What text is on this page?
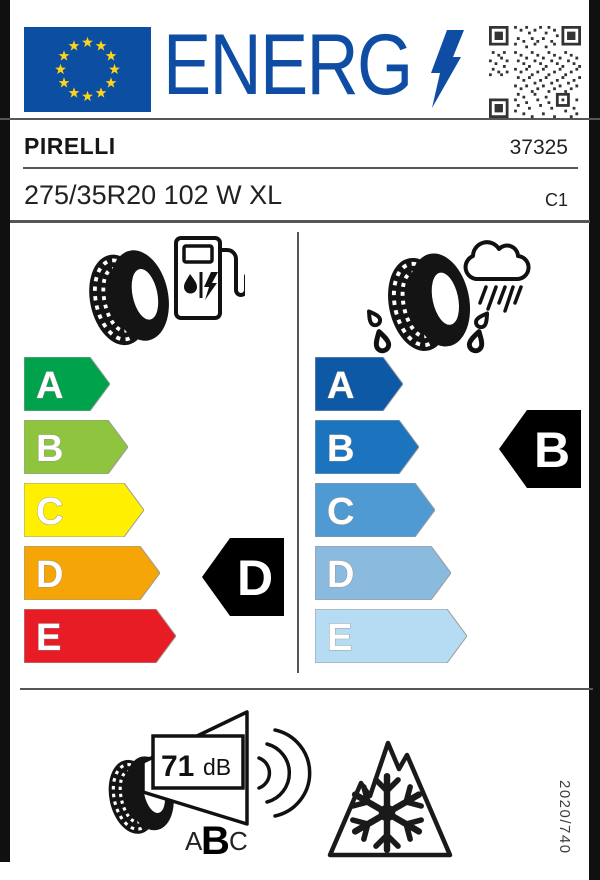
ENERG
PIRELLI	37325
275/35R20 102 W XL	C1
A
B
C
D
E
A
B
C
D
E
D
B
71 dB
A
B C	2020/740
